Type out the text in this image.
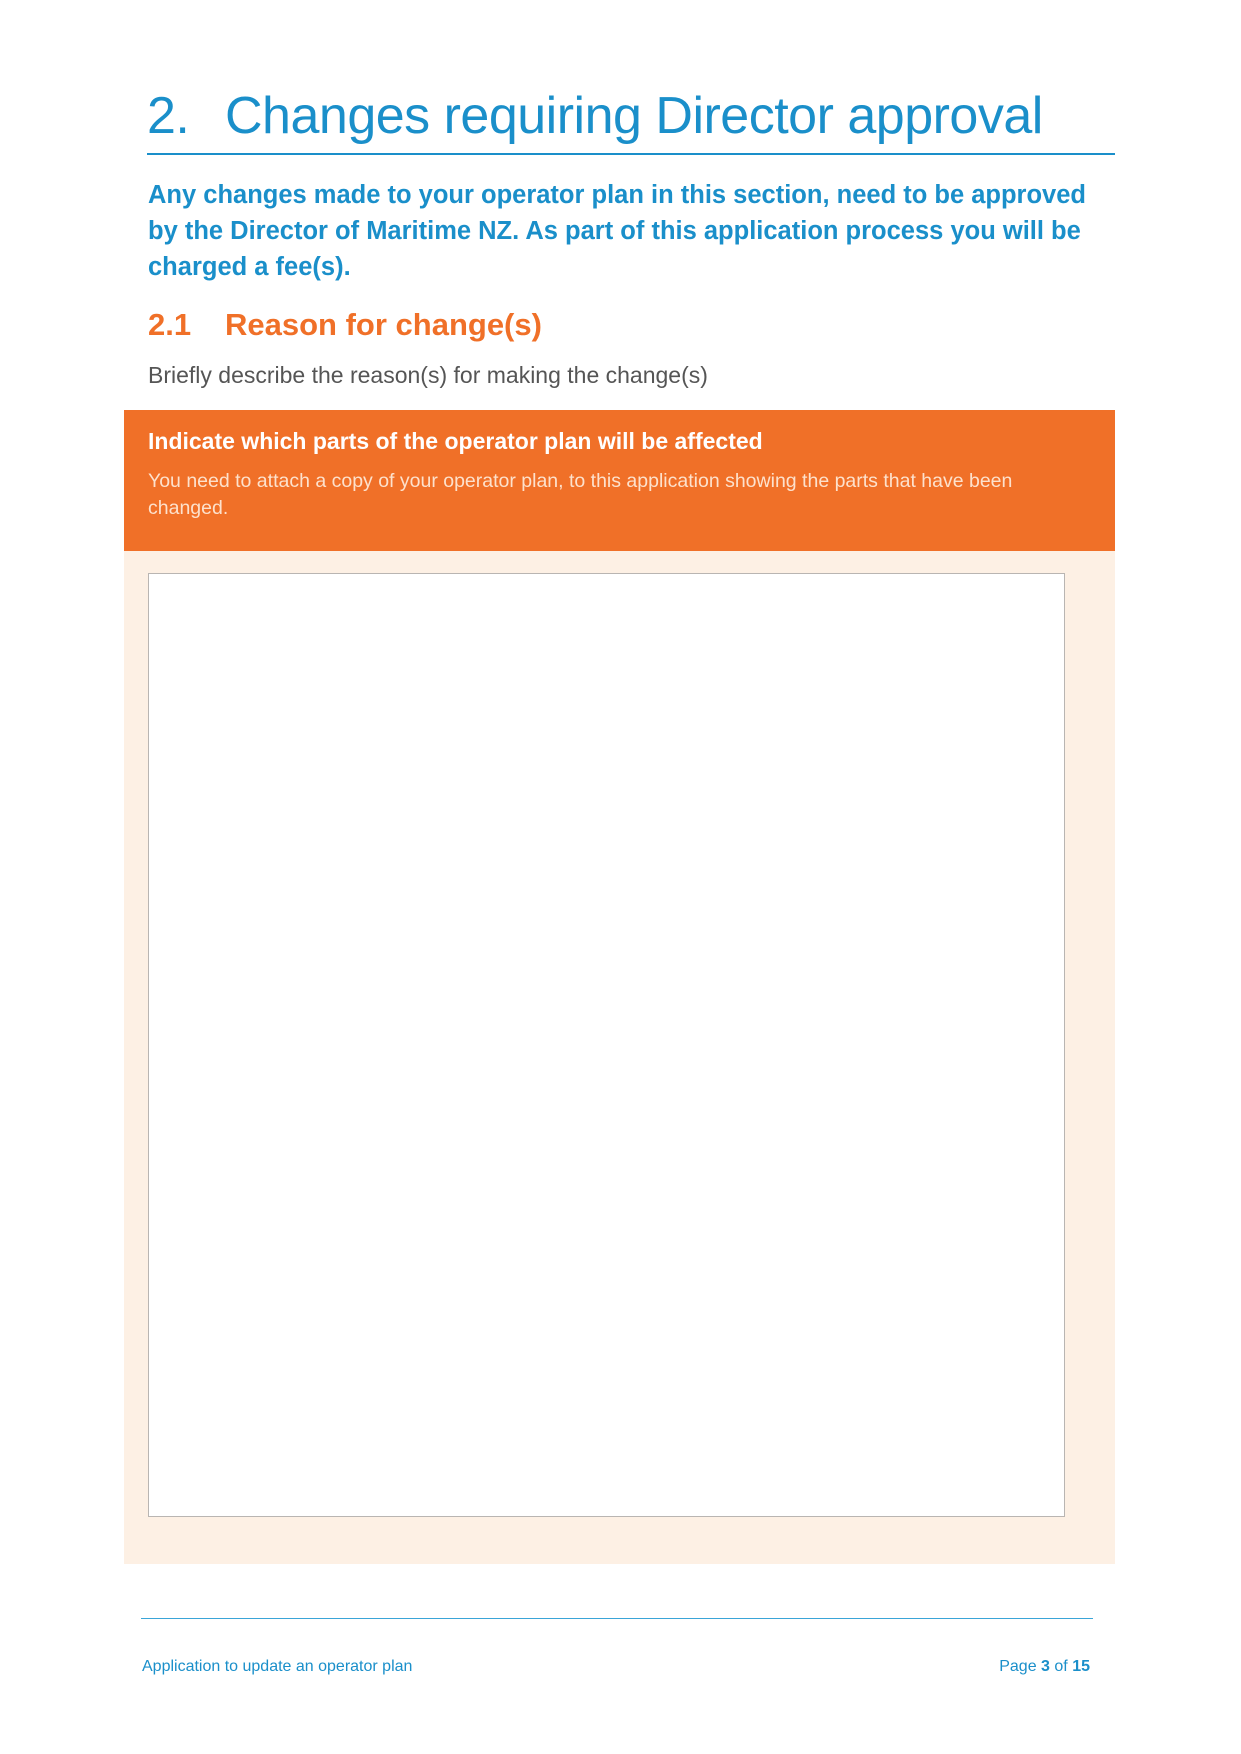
2. Changes requiring Director approval

Any changes made to your operator plan in this section, need to be approved by the Director of Maritime NZ. As part of this application process you will be charged a fee(s).

2.1	Reason for change(s)

Briefly describe the reason(s) for making the change(s)

Indicate which parts of the operator plan will be affected

You need to attach a copy of your operator plan, to this application showing the parts that have been changed.

Application to update an operator plan	Page 3 of 15
